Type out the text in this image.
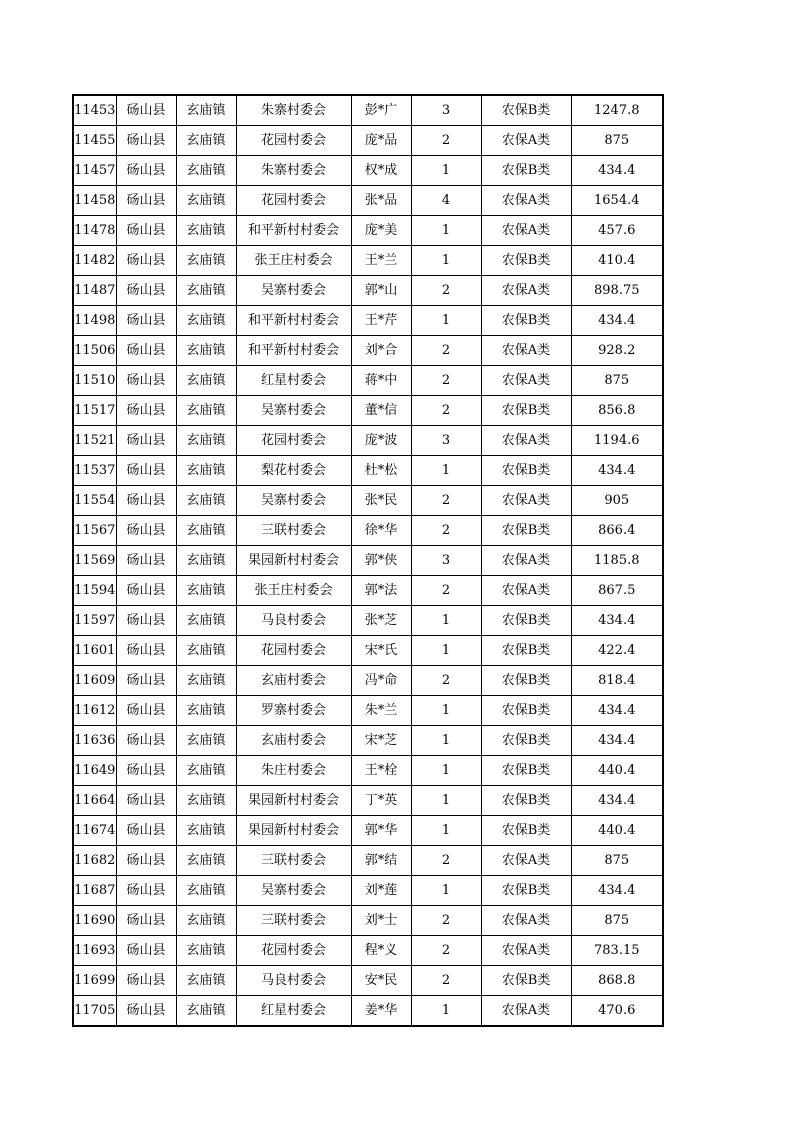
11453	砀山县	玄庙镇	朱寨村委会	彭*广	3	农保B类	1247.8
11455	砀山县	玄庙镇	花园村委会	庞*品	2	农保A类	875
11457	砀山县	玄庙镇	朱寨村委会	权*成	1	农保B类	434.4
11458	砀山县	玄庙镇	花园村委会	张*品	4	农保A类	1654.4
11478	砀山县	玄庙镇	和平新村村委会	庞*美	1	农保A类	457.6
11482	砀山县	玄庙镇	张王庄村委会	王*兰	1	农保B类	410.4
11487	砀山县	玄庙镇	吴寨村委会	郭*山	2	农保A类	898.75
11498	砀山县	玄庙镇	和平新村村委会	王*芹	1	农保B类	434.4
11506	砀山县	玄庙镇	和平新村村委会	刘*合	2	农保A类	928.2
11510	砀山县	玄庙镇	红星村委会	蒋*中	2	农保A类	875
11517	砀山县	玄庙镇	吴寨村委会	董*信	2	农保B类	856.8
11521	砀山县	玄庙镇	花园村委会	庞*波	3	农保A类	1194.6
11537	砀山县	玄庙镇	梨花村委会	杜*松	1	农保B类	434.4
11554	砀山县	玄庙镇	吴寨村委会	张*民	2	农保A类	905
11567	砀山县	玄庙镇	三联村委会	徐*华	2	农保B类	866.4
11569	砀山县	玄庙镇	果园新村村委会	郭*侠	3	农保A类	1185.8
11594	砀山县	玄庙镇	张王庄村委会	郭*法	2	农保A类	867.5
11597	砀山县	玄庙镇	马良村委会	张*芝	1	农保B类	434.4
11601	砀山县	玄庙镇	花园村委会	宋*氏	1	农保B类	422.4
11609	砀山县	玄庙镇	玄庙村委会	冯*命	2	农保B类	818.4
11612	砀山县	玄庙镇	罗寨村委会	朱*兰	1	农保B类	434.4
11636	砀山县	玄庙镇	玄庙村委会	宋*芝	1	农保B类	434.4
11649	砀山县	玄庙镇	朱庄村委会	王*栓	1	农保B类	440.4
11664	砀山县	玄庙镇	果园新村村委会	丁*英	1	农保B类	434.4
11674	砀山县	玄庙镇	果园新村村委会	郭*华	1	农保B类	440.4
11682	砀山县	玄庙镇	三联村委会	郭*结	2	农保A类	875
11687	砀山县	玄庙镇	吴寨村委会	刘*莲	1	农保B类	434.4
11690	砀山县	玄庙镇	三联村委会	刘*士	2	农保A类	875
11693	砀山县	玄庙镇	花园村委会	程*义	2	农保A类	783.15
11699	砀山县	玄庙镇	马良村委会	安*民	2	农保B类	868.8
11705	砀山县	玄庙镇	红星村委会	姜*华	1	农保A类	470.6
